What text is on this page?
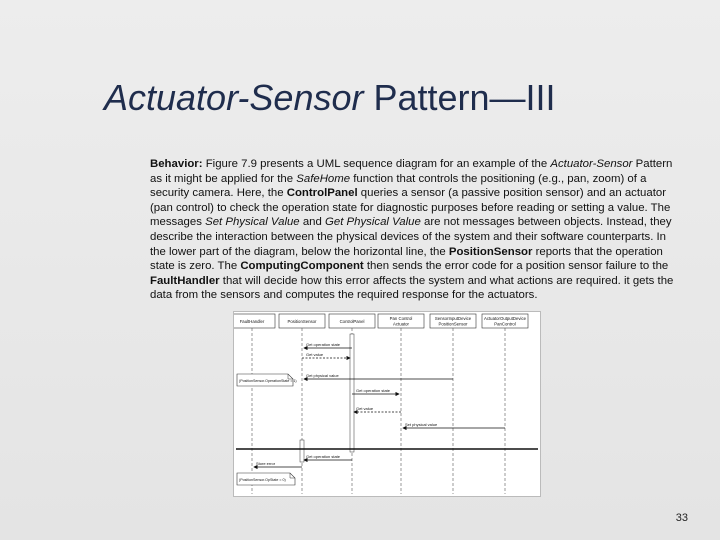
Actuator-Sensor Pattern—III
Behavior: Figure 7.9 presents a UML sequence diagram for an example of the Actuator-Sensor Pattern as it might be applied for the SafeHome function that controls the positioning (e.g., pan, zoom) of a security camera. Here, the ControlPanel queries a sensor (a passive position sensor) and an actuator (pan control) to check the operation state for diagnostic purposes before reading or setting a value. The messages Set Physical Value and Get Physical Value are not messages between objects. Instead, they describe the interaction between the physical devices of the system and their software counterparts. In the lower part of the diagram, below the horizontal line, the PositionSensor reports that the operation state is zero. The ComputingComponent then sends the error code for a position sensor failure to the FaultHandler that will decide how this error affects the system and what actions are required. it gets the data from the sensors and computes the required response for the actuators.
FaultHandler	PositionSensor	ControlPanel
Pan Control
Actuator
SensorInputDevice
PositionSensor
ActuatorOutputDevice
PanControl
Get operation state
Get value
Get physical value
Get operation state
Get value
Set physical value
Get operation state
Store error
(PositionSensor.OperationState = 1)
(PositionSensor.OpState = 0)
33
